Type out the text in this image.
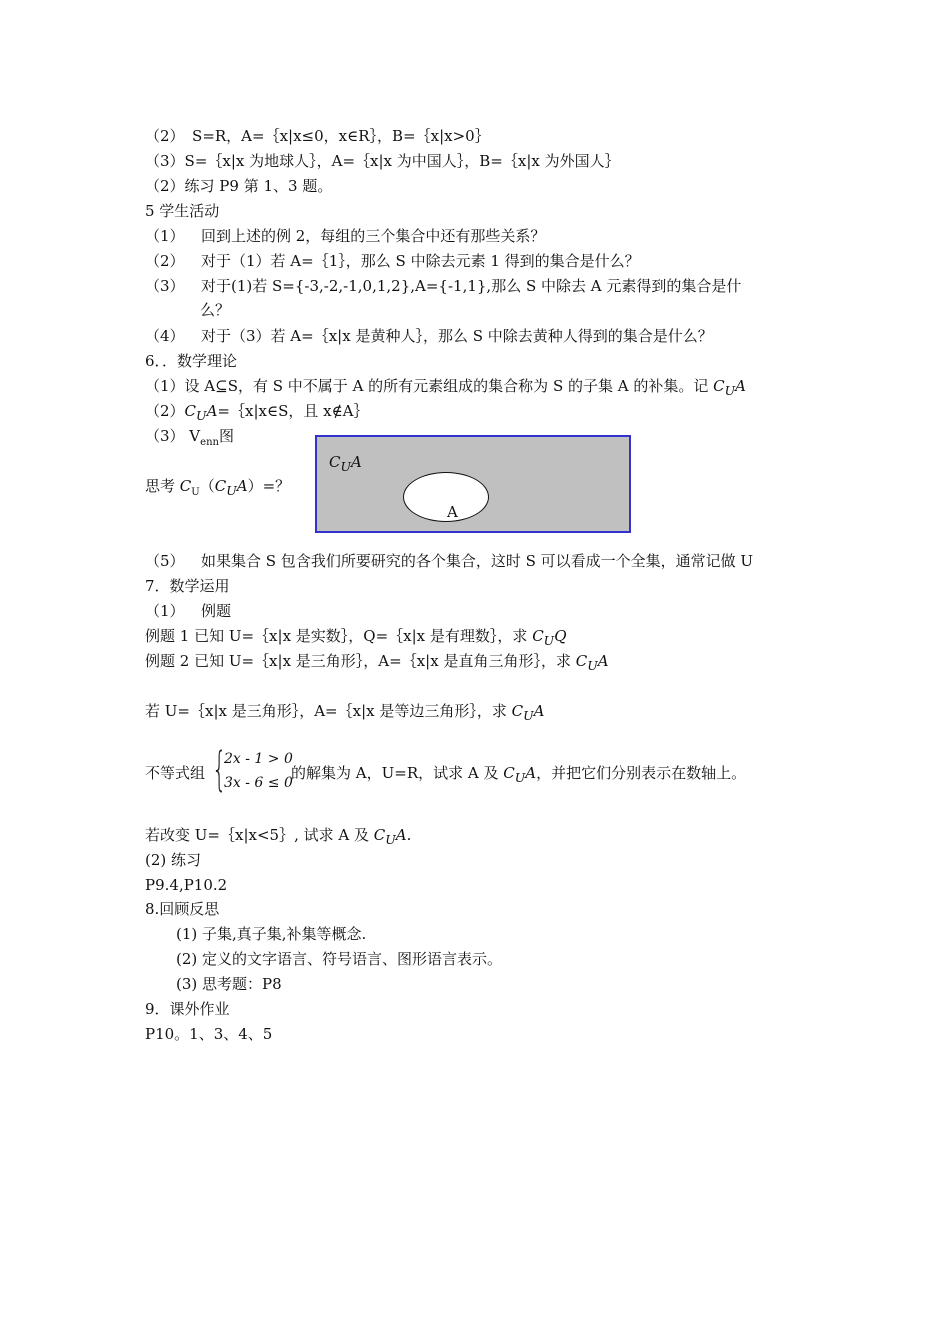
（2）　S=R，A=｛x|x≤0，x∈R｝，B=｛x|x>0｝
（3）S=｛x|x 为地球人｝，A=｛x|x 为中国人｝，B=｛x|x 为外国人｝
（2）练习 P9 第 1、3 题。
5 学生活动
（1） 回到上述的例 2，每组的三个集合中还有那些关系？
（2） 对于（1）若 A=｛1｝，那么 S 中除去元素 1 得到的集合是什么？
（3） 对于(1)若 S={-3,-2,-1,0,1,2},A={-1,1},那么 S 中除去 A 元素得到的集合是什
么？
（4） 对于（3）若 A=｛x|x 是黄种人｝，那么 S 中除去黄种人得到的集合是什么？
6．．数学理论
（1）设 A⊆S，有 S 中不属于 A 的所有元素组成的集合称为 S 的子集 A 的补集。记 $C_UA$
$(2)C_UA=\{x|x\in S$，且 x∉A｝
（3） $V_{enn}$图
思考 $C_U(C_UA)=$？
$C_UA$
A
（5） 如果集合 S 包含我们所要研究的各个集合，这时 S 可以看成一个全集，通常记做 U
7．数学运用
（1） 例题
例题 1 已知 U=｛x|x 是实数｝，Q=｛x|x 是有理数｝，求 $C_UQ$
例题 2 已知 U=｛x|x 是三角形｝，A=｛x|x 是直角三角形｝，求 $C_UA$
若 U=｛x|x 是三角形｝，A=｛x|x 是等边三角形｝，求 $C_UA$
不等式组	的解集为 A，U=R，试求 A 及 $C_UA$，并把它们分别表示在数轴上。
{
2x - 1 > 0
3x - 6 ≤ 0
若改变 U=｛x|x<5｝, 试求 A 及 $C_UA$.
(2) 练习
P9.4,P10.2
8.回顾反思
(1) 子集,真子集,补集等概念.
(2) 定义的文字语言、符号语言、图形语言表示。
(3) 思考题：P8
9．课外作业
P10。1、3、4、5
